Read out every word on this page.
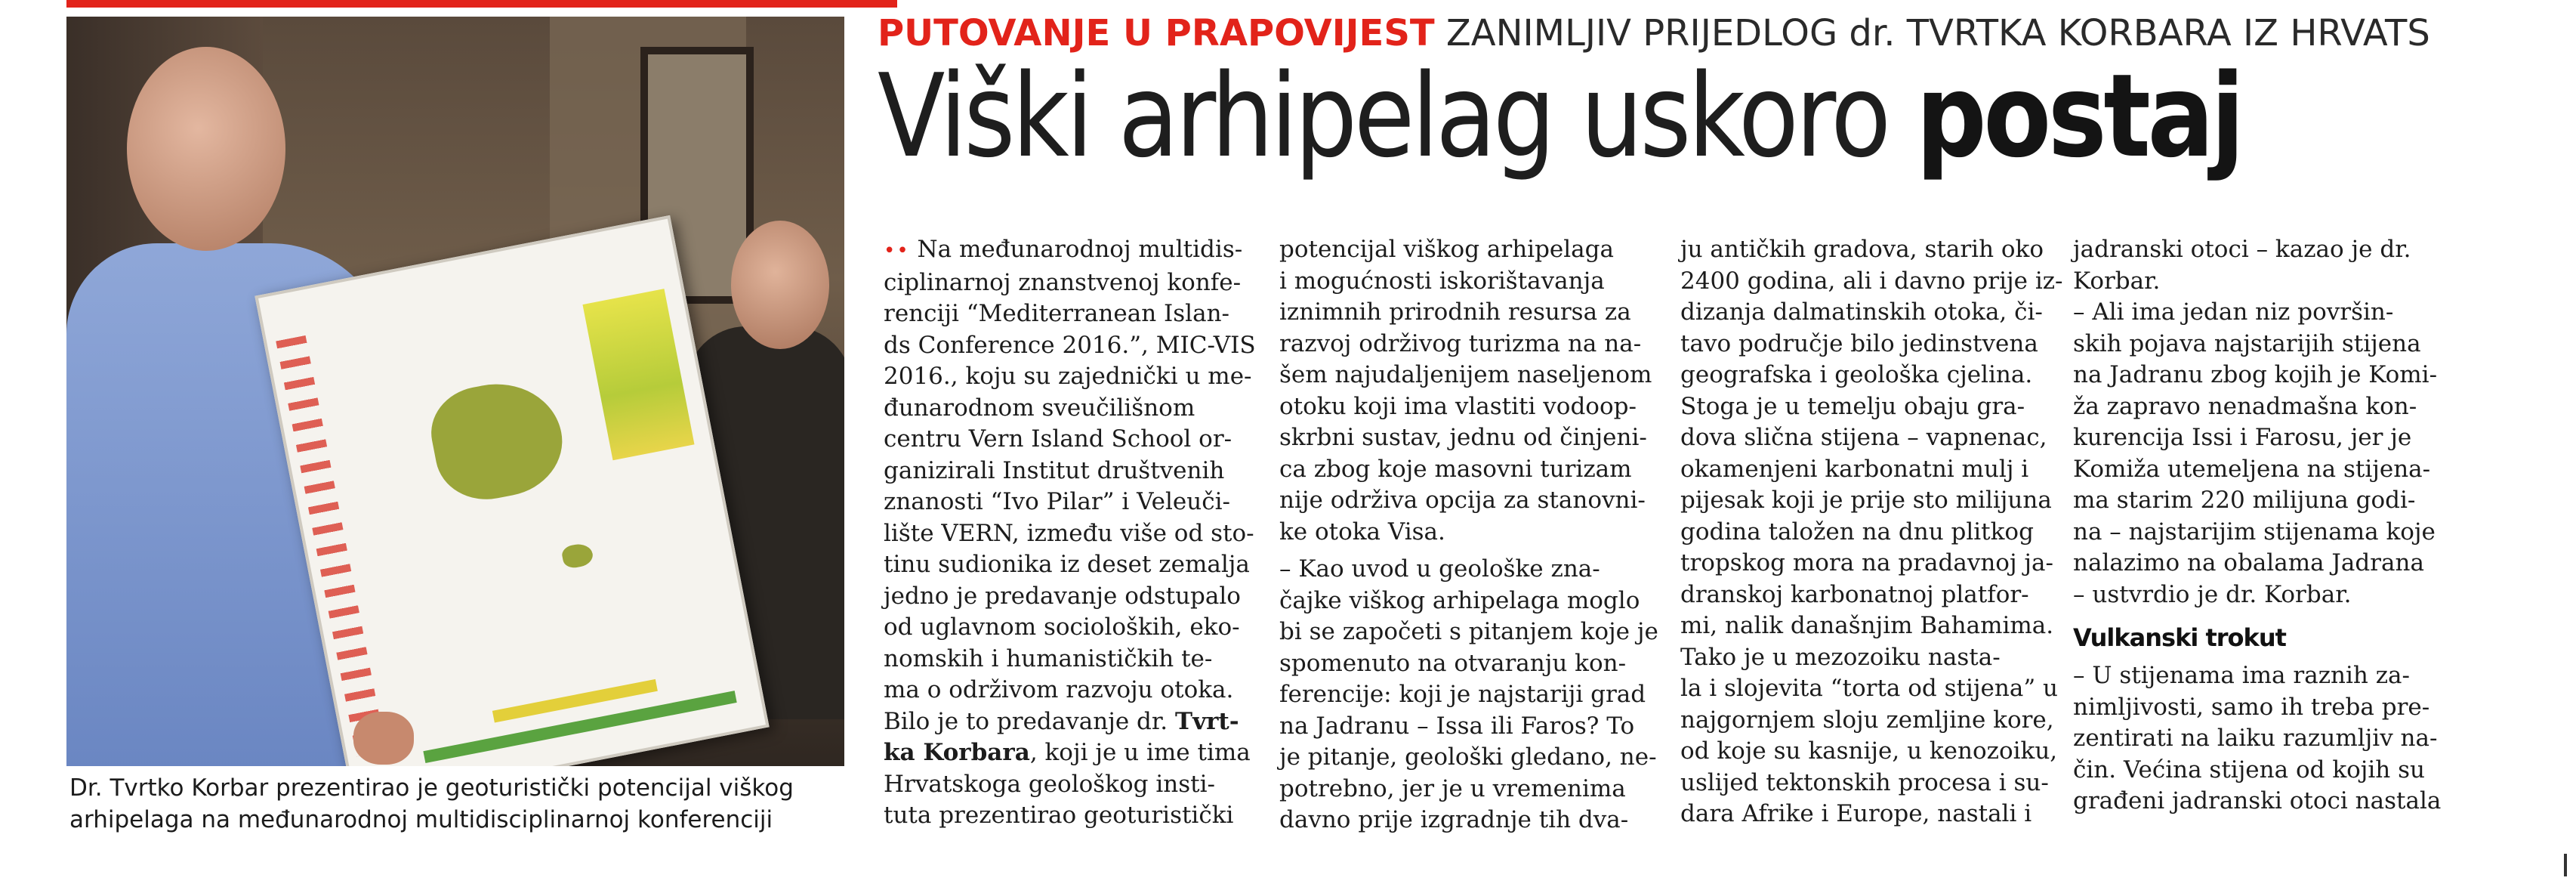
Dr. Tvrtko Korbar prezentirao je geoturistički potencijal viškog
arhipelaga na međunarodnoj multidisciplinarnoj konferenciji
PUTOVANJE U PRAPOVIJEST ZANIMLJIV PRIJEDLOG dr. TVRTKA KORBARA IZ HRVATS
Viški arhipelag uskoro postaj

•• Na međunarodnoj multidis-

ciplinarnoj znanstvenoj konfe-

renciji “Mediterranean Islan-

ds Conference 2016.”, MIC-VIS

2016., koju su zajednički u me-

đunarodnom sveučilišnom

centru Vern Island School or-

ganizirali Institut društvenih

znanosti “Ivo Pilar” i Veleuči-

lište VERN, između više od sto-

tinu sudionika iz deset zemalja

jedno je predavanje odstupalo

od uglavnom socioloških, eko-

nomskih i humanističkih te-

ma o održivom razvoju otoka.

Bilo je to predavanje dr. Tvrt-

ka Korbara, koji je u ime tima

Hrvatskoga geološkog insti-

tuta prezentirao geoturistički

potencijal viškog arhipelaga

i mogućnosti iskorištavanja

iznimnih prirodnih resursa za

razvoj održivog turizma na na-

šem najudaljenijem naseljenom

otoku koji ima vlastiti vodoop-

skrbni sustav, jednu od činjeni-

ca zbog koje masovni turizam

nije održiva opcija za stanovni-

ke otoka Visa.

– Kao uvod u geološke zna-

čajke viškog arhipelaga moglo

bi se započeti s pitanjem koje je

spomenuto na otvaranju kon-

ferencije: koji je najstariji grad

na Jadranu – Issa ili Faros? To

je pitanje, geološki gledano, ne-

potrebno, jer je u vremenima

davno prije izgradnje tih dva-

ju antičkih gradova, starih oko

2400 godina, ali i davno prije iz-

dizanja dalmatinskih otoka, či-

tavo područje bilo jedinstvena

geografska i geološka cjelina.

Stoga je u temelju obaju gra-

dova slična stijena – vapnenac,

okamenjeni karbonatni mulj i

pijesak koji je prije sto milijuna

godina taložen na dnu plitkog

tropskog mora na pradavnoj ja-

dranskoj karbonatnoj platfor-

mi, nalik današnjim Bahamima.

Tako je u mezozoiku nasta-

la i slojevita “torta od stijena” u

najgornjem sloju zemljine kore,

od koje su kasnije, u kenozoiku,

uslijed tektonskih procesa i su-

dara Afrike i Europe, nastali i

jadranski otoci – kazao je dr.

Korbar.

– Ali ima jedan niz površin-

skih pojava najstarijih stijena

na Jadranu zbog kojih je Komi-

ža zapravo nenadmašna kon-

kurencija Issi i Farosu, jer je

Komiža utemeljena na stijena-

ma starim 220 milijuna godi-

na – najstarijim stijenama koje

nalazimo na obalama Jadrana

– ustvrdio je dr. Korbar.

Vulkanski trokut

– U stijenama ima raznih za-

nimljivosti, samo ih treba pre-

zentirati na laiku razumljiv na-

čin. Većina stijena od kojih su

građeni jadranski otoci nastala
